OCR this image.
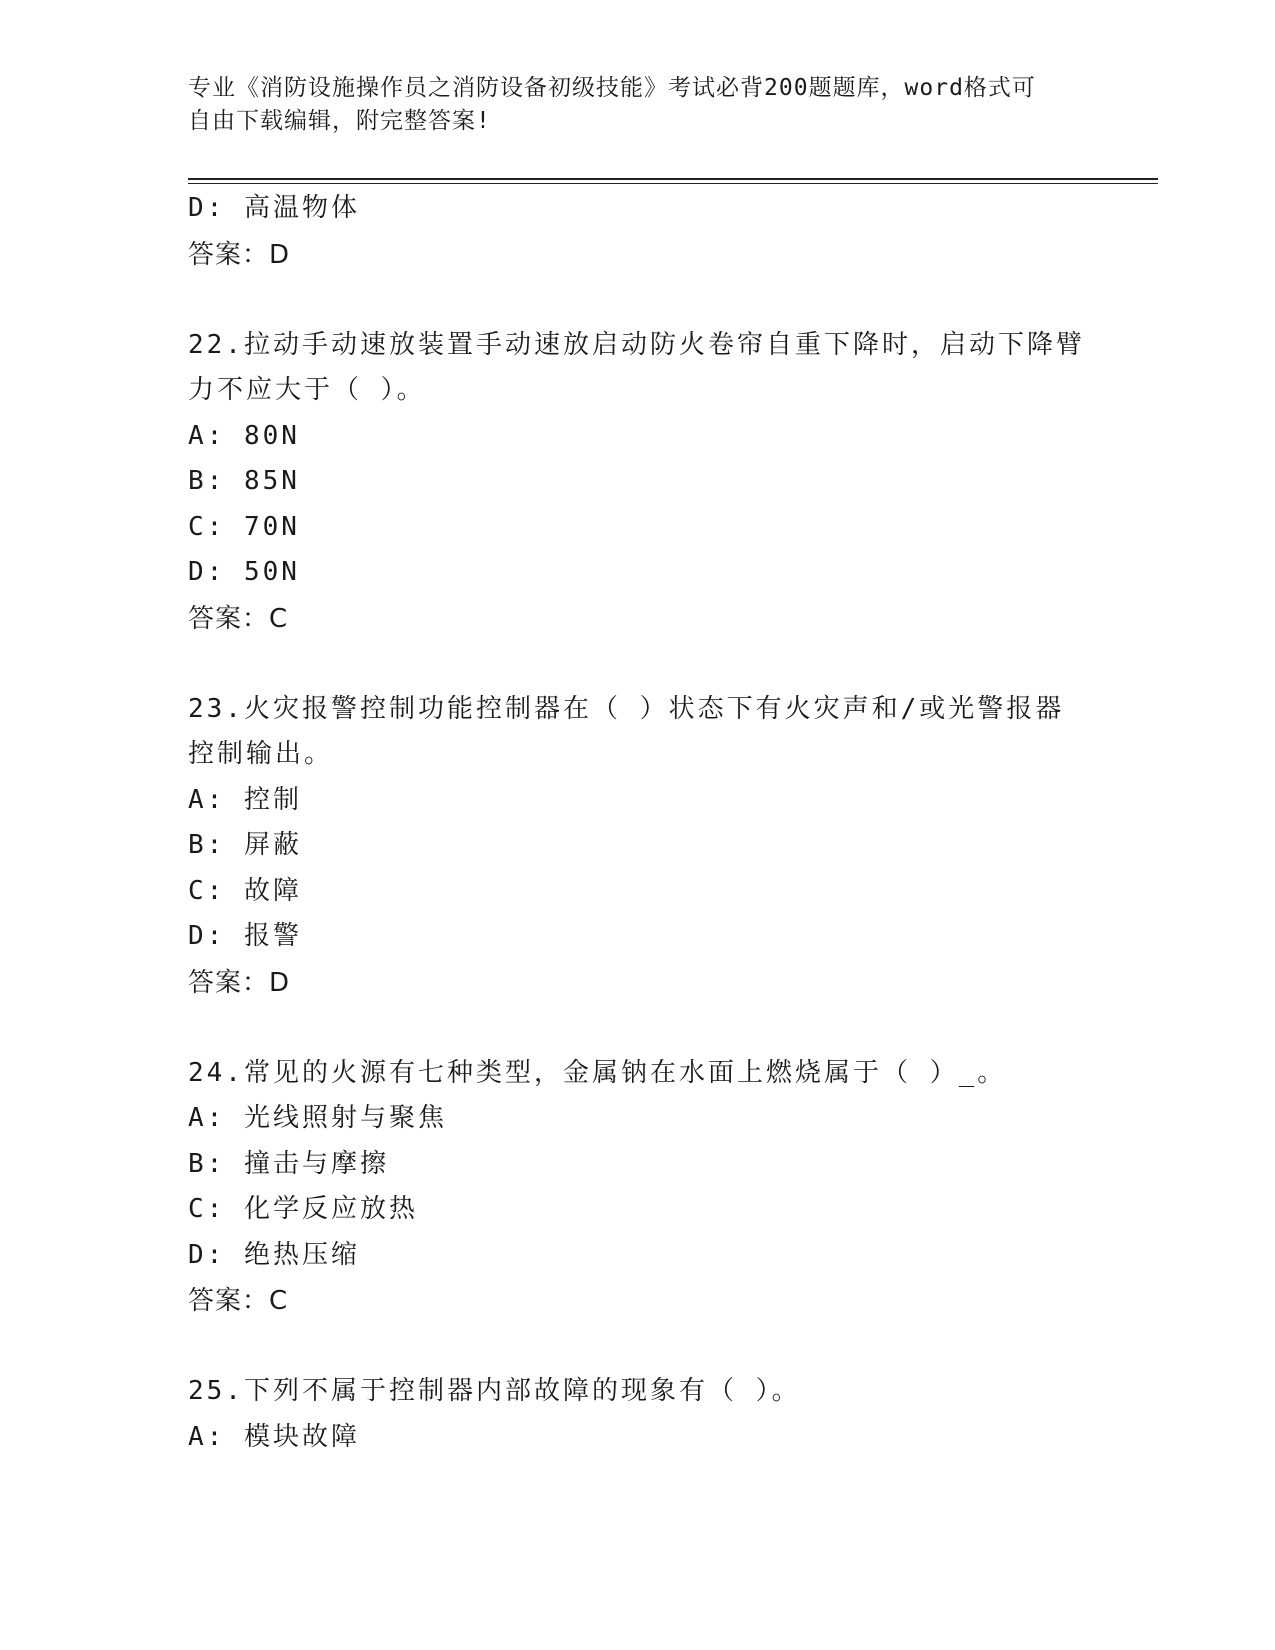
专业《消防设施操作员之消防设备初级技能》考试必背200题题库，word格式可
自由下载编辑，附完整答案!
D: 高温物体
答案：D
22.拉动手动速放装置手动速放启动防火卷帘自重下降时，启动下降臂
力不应大于（ ）。
A: 80N
B: 85N
C: 70N
D: 50N
答案：C
23.火灾报警控制功能控制器在（ ）状态下有火灾声和/或光警报器
控制输出。
A: 控制
B: 屏蔽
C: 故障
D: 报警
答案：D
24.常见的火源有七种类型，金属钠在水面上燃烧属于（ ）_。
A: 光线照射与聚焦
B: 撞击与摩擦
C: 化学反应放热
D: 绝热压缩
答案：C
25.下列不属于控制器内部故障的现象有（ ）。
A: 模块故障
